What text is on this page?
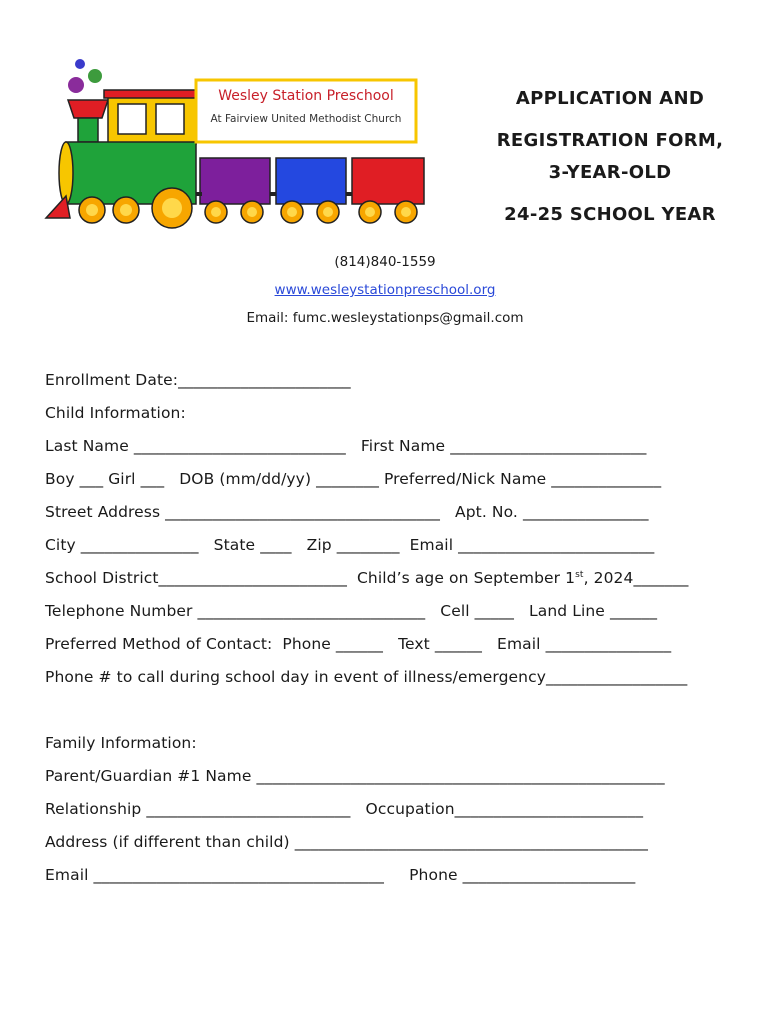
Wesley Station Preschool
At Fairview United Methodist Church
APPLICATION AND
REGISTRATION FORM,
3-YEAR-OLD
24-25 SCHOOL YEAR
(814)840-1559
www.wesleystationpreschool.org
Email: fumc.wesleystationps@gmail.com
Enrollment Date:______________________
Child Information:
Last Name ___________________________   First Name _________________________
Boy ___ Girl ___   DOB (mm/dd/yy) ________ Preferred/Nick Name ______________
Street Address ___________________________________   Apt. No. ________________
City _______________   State ____   Zip ________  Email _________________________
School District________________________  Child’s age on September 1st, 2024_______
Telephone Number _____________________________   Cell _____   Land Line ______
Preferred Method of Contact:  Phone ______   Text ______   Email ________________
Phone # to call during school day in event of illness/emergency__________________
Family Information:
Parent/Guardian #1 Name ____________________________________________________
Relationship __________________________   Occupation________________________
Address (if different than child) _____________________________________________
Email _____________________________________     Phone ______________________
